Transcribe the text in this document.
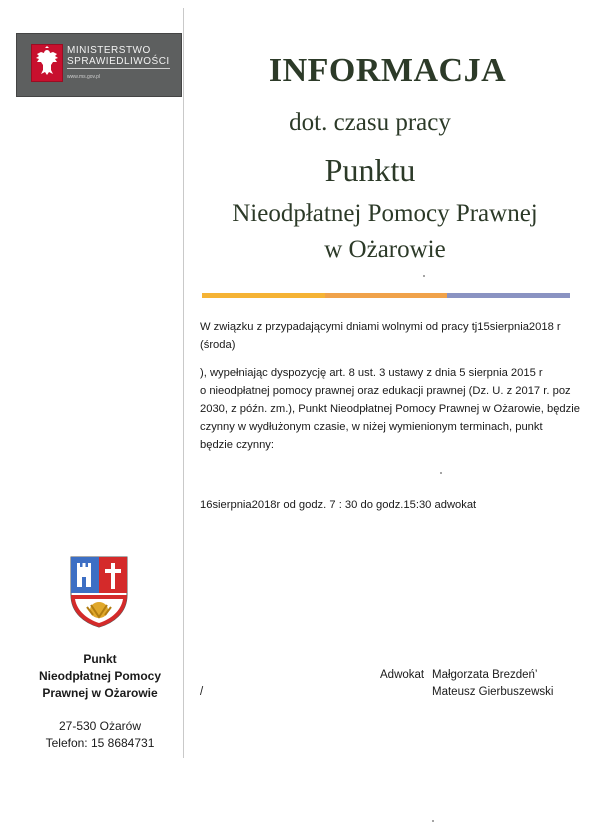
MINISTERSTWO
SPRAWIEDLIWOŚCI
www.ms.gov.pl	INFORMACJA
dot. czasu pracy
Punktu
Nieodpłatnej Pomocy Prawnej
w Ożarowie
W związku z przypadającymi dniami wolnymi od pracy tj15sierpnia2018 r
(środa)
), wypełniając dyspozycję art. 8 ust. 3 ustawy z dnia 5 sierpnia 2015 r
o nieodpłatnej pomocy prawnej oraz edukacji prawnej (Dz. U. z 2017 r. poz
2030, z późn. zm.), Punkt Nieodpłatnej Pomocy Prawnej w Ożarowie, będzie
czynny w wydłużonym czasie, w niżej wymienionym terminach, punkt
będzie czynny:
16sierpnia2018r od godz. 7 : 30 do godz.15:30 adwokat
Adwokat Małgorzata Brezdeń’
Mateusz Gierbuszewski
/
Punkt
Nieodpłatnej Pomocy
Prawnej w Ożarowie
27-530 Ożarów
Telefon: 15 8684731
